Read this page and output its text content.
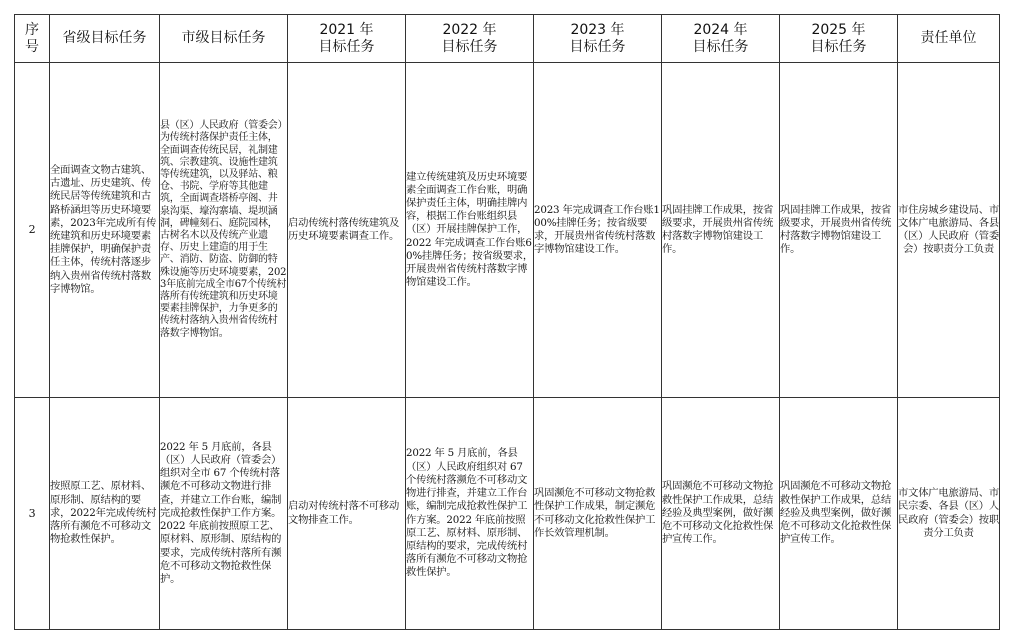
序号	省级目标任务	市级目标任务	2021 年 目标任务	2022 年 目标任务	2023 年 目标任务	2024 年 目标任务	2025 年 目标任务	责任单位

2	全面调查文物古建筑、古遗址、历史建筑、传统民居等传统建筑和古路桥涵坦等历史环境要素，2023年完成所有传统建筑和历史环境要素挂牌保护，明确保护责任主体，传统村落逐步纳入贵州省传统村落数字博物馆。	县（区）人民政府（管委会）为传统村落保护责任主体，全面调查传统民居，礼制建筑、宗教建筑、设施性建筑等传统建筑，以及驿站、粮仓、书院、学府等其他建筑，全面调查塔桥亭阁、井泉沟渠、壕沟寨墙、堤坝涵洞，碑幢刻石、庭院园林，古树名木以及传统产业遗存、历史上建造的用于生产、消防、防盗、防御的特殊设施等历史环境要素，2023年底前完成全市67个传统村落所有传统建筑和历史环境要素挂牌保护，力争更多的传统村落纳入贵州省传统村落数字博物馆。	启动传统村落传统建筑及历史环境要素调查工作。	建立传统建筑及历史环境要素全面调查工作台账，明确保护责任主体，明确挂牌内容，根据工作台账组织县（区）开展挂牌保护工作，2022 年完成调查工作台账60%挂牌任务；按省级要求，开展贵州省传统村落数字博物馆建设工作。	2023 年完成调查工作台账100%挂牌任务；按省级要求，开展贵州省传统村落数字博物馆建设工作。	巩固挂牌工作成果，按省级要求，开展贵州省传统村落数字博物馆建设工作。	巩固挂牌工作成果，按省级要求，开展贵州省传统村落数字博物馆建设工作。	市住房城乡建设局、市文体广电旅游局、各县（区）人民政府（管委会）按职责分工负责

3	按照原工艺、原材料、原形制、原结构的要求，2022年完成传统村落所有濒危不可移动文物抢救性保护。	2022 年 5 月底前，各县（区）人民政府（管委会）组织对全市 67 个传统村落濒危不可移动文物进行排查，并建立工作台账，编制完成抢救性保护工作方案。2022 年底前按照原工艺、原材料、原形制、原结构的要求，完成传统村落所有濒危不可移动文物抢救性保护。	启动对传统村落不可移动文物排查工作。	2022 年 5 月底前，各县（区）人民政府组织对 67 个传统村落濒危不可移动文物进行排查，并建立工作台账，编制完成抢救性保护工作方案。2022 年底前按照原工艺、原材料、原形制、原结构的要求，完成传统村落所有濒危不可移动文物抢救性保护。	巩固濒危不可移动文物抢救性保护工作成果，制定濒危不可移动文化抢救性保护工作长效管理机制。	巩固濒危不可移动文物抢救性保护工作成果，总结经验及典型案例，做好濒危不可移动文化抢救性保护宣传工作。	巩固濒危不可移动文物抢救性保护工作成果，总结经验及典型案例，做好濒危不可移动文化抢救性保护宣传工作。	市文体广电旅游局、市民宗委、各县（区）人民政府（管委会）按职责分工负责
